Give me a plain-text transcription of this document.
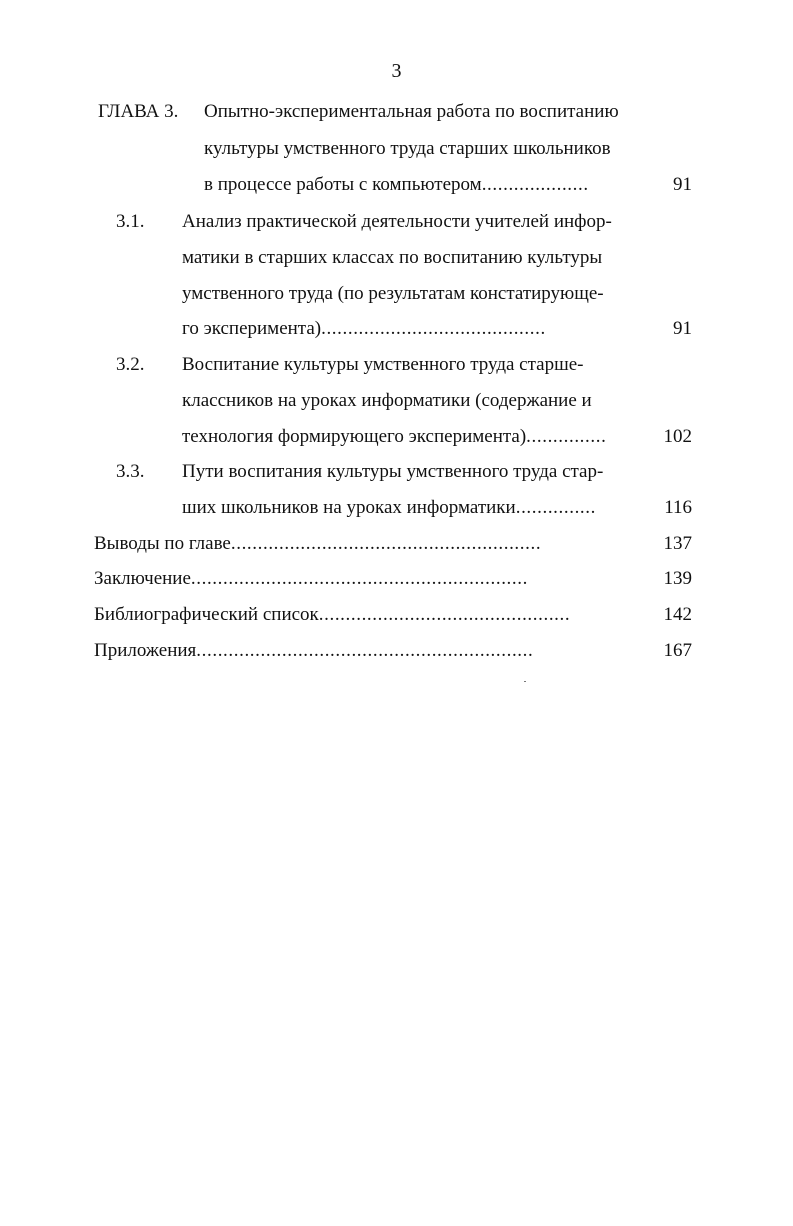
3
ГЛАВА 3. Опытно-экспериментальная работа по воспитанию
культуры умственного труда старших школьников
в процессе работы с компьютером....................	91
3.1. Анализ практической деятельности учителей инфор-
матики в старших классах по воспитанию культуры
умственного труда (по результатам констатирующе-
го эксперимента)..........................................	91
3.2. Воспитание культуры умственного труда старше-
классников на уроках информатики (содержание и
технология формирующего эксперимента)...............	102
3.3. Пути воспитания культуры умственного труда стар-
ших школьников на уроках информатики...............	116
Выводы по главе..........................................................	137
Заключение...............................................................	139
Библиографический список...............................................	142
Приложения...............................................................	167
